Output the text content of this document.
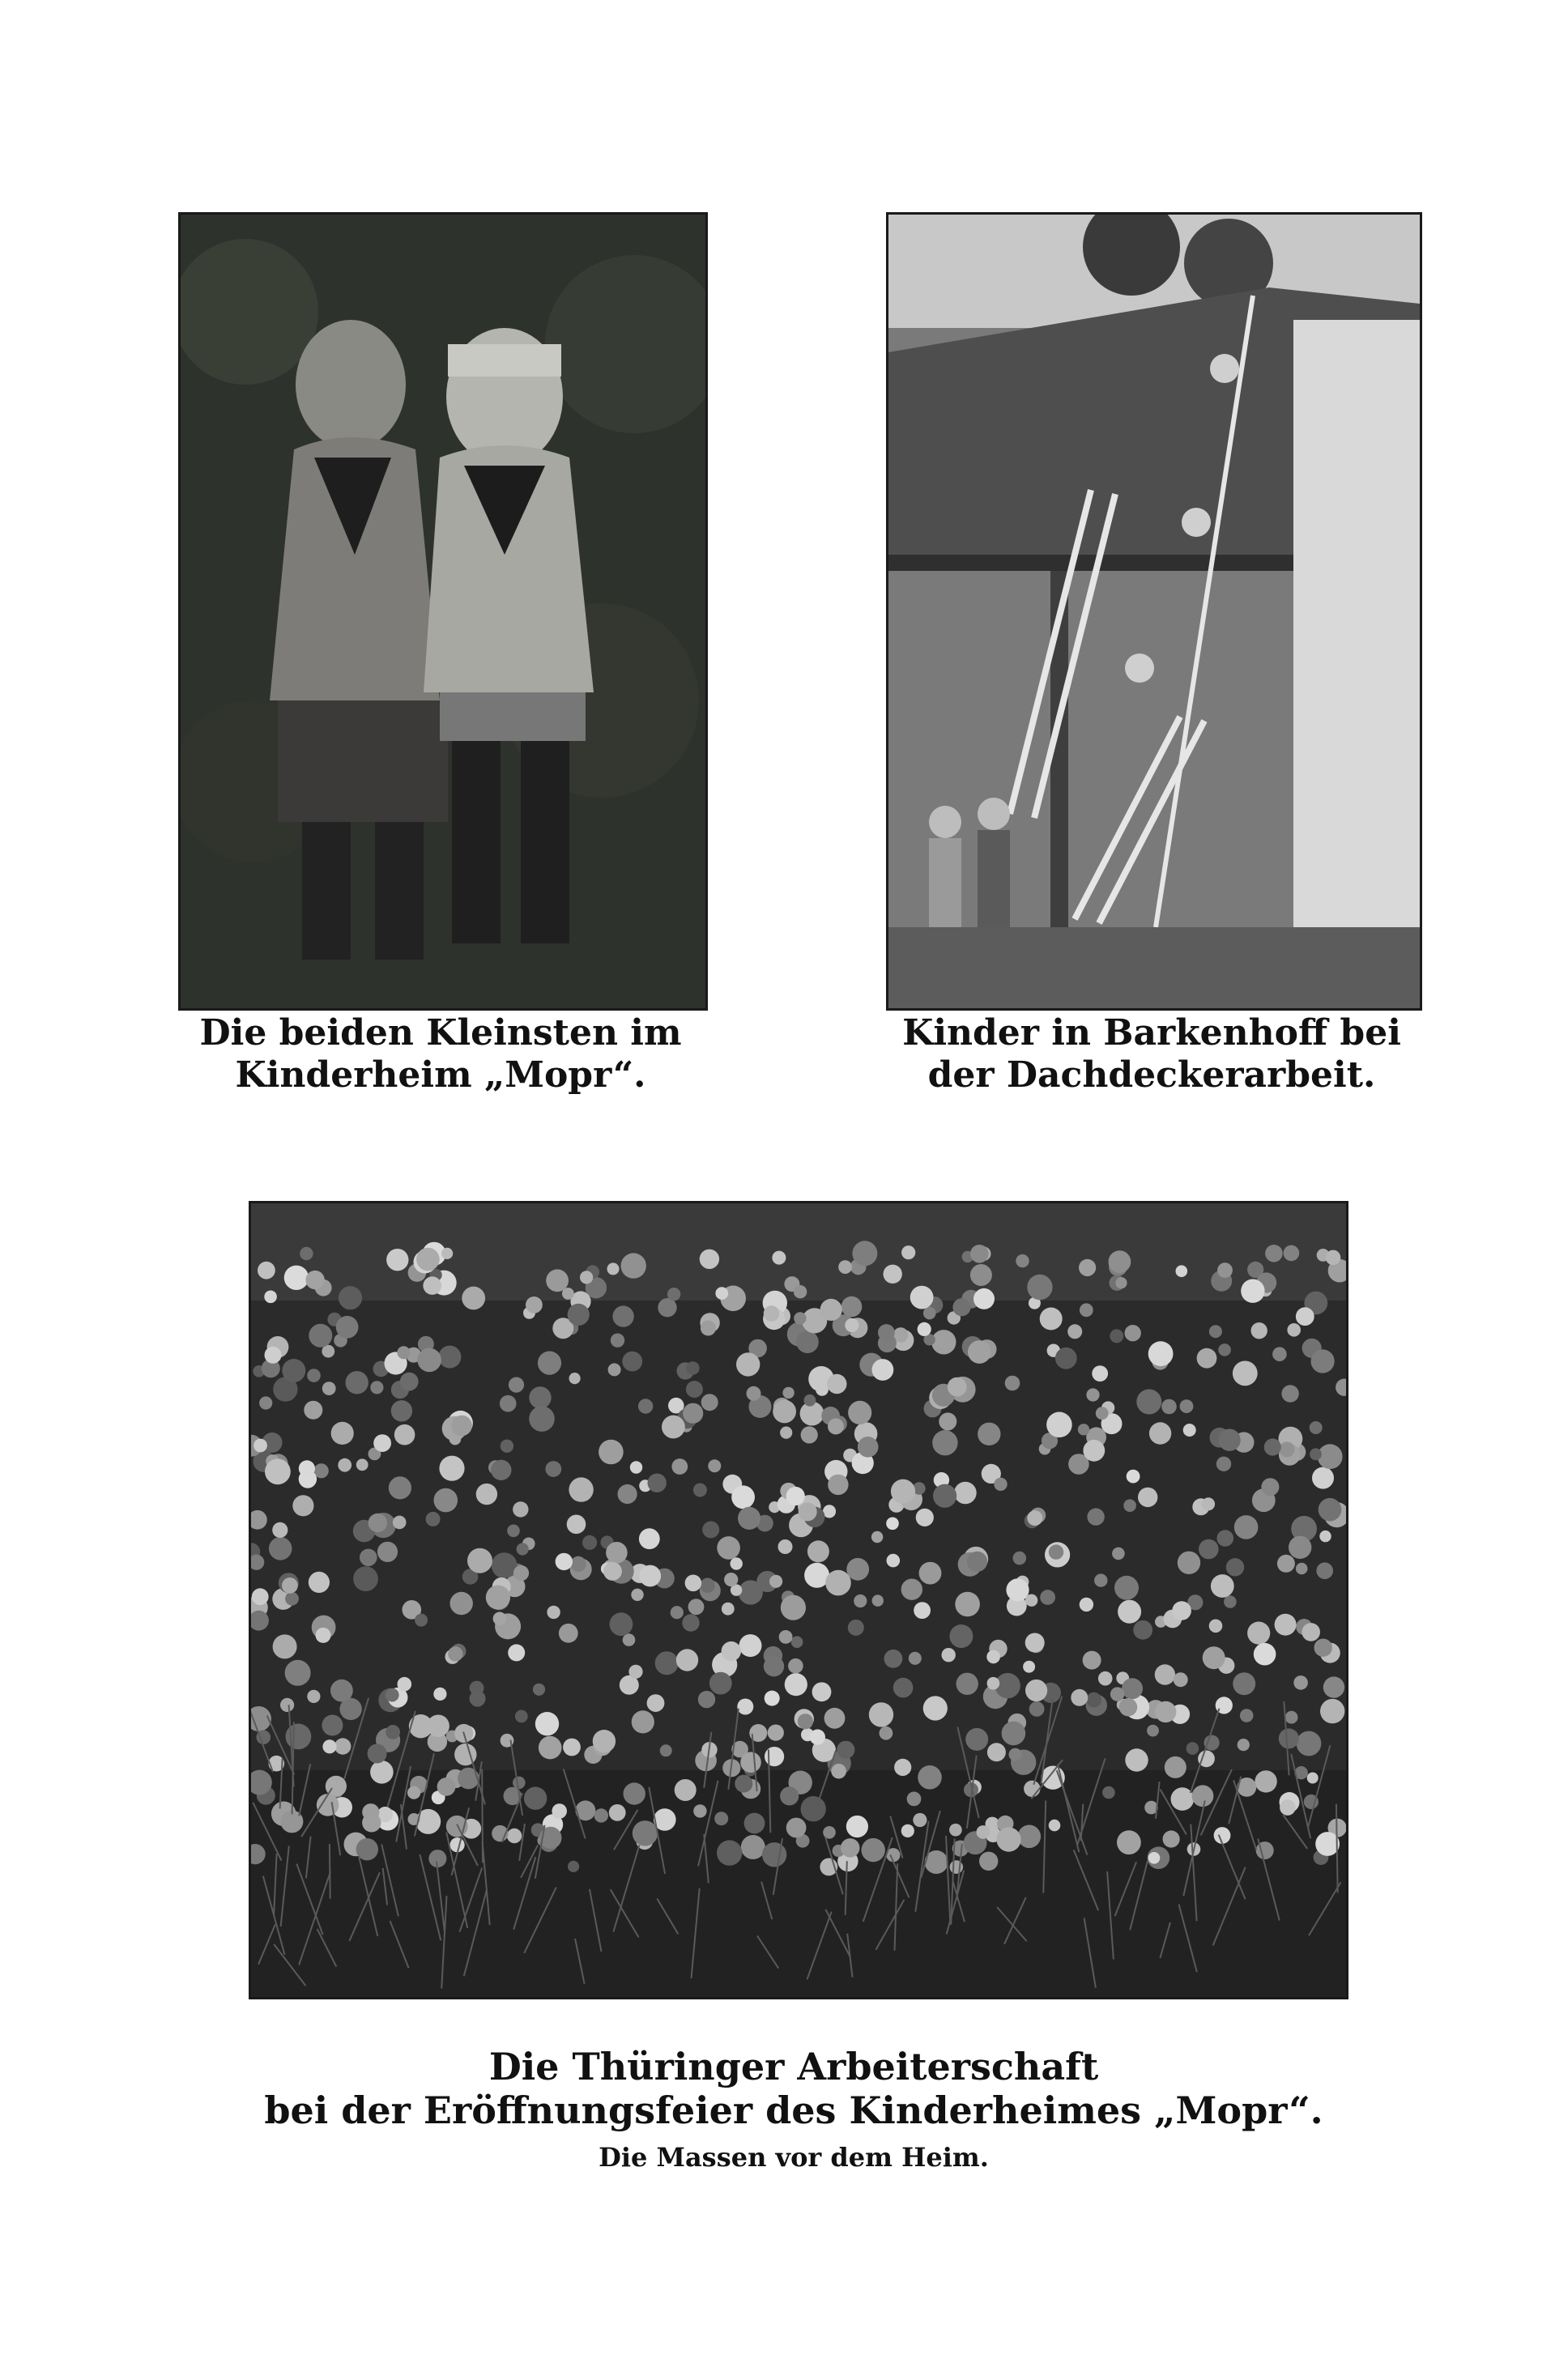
Die beiden Kleinsten im
Kinderheim „Mopr“.
Kinder in Barkenhoff bei
der Dachdeckerarbeit.
Die Thüringer Arbeiterschaft
bei der Eröffnungsfeier des Kinderheimes „Mopr“.
Die Massen vor dem Heim.
